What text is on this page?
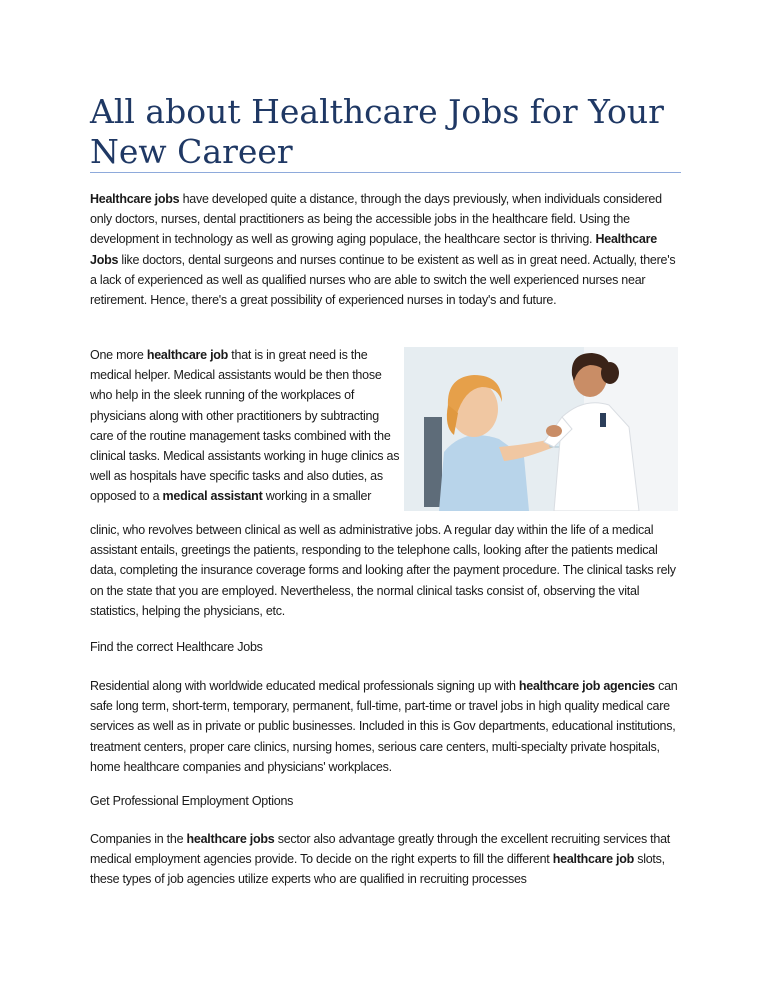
All about Healthcare Jobs for Your New Career

Healthcare jobs have developed quite a distance, through the days previously, when individuals considered only doctors, nurses, dental practitioners as being the accessible jobs in the healthcare field. Using the development in technology as well as growing aging populace, the healthcare sector is thriving. Healthcare Jobs like doctors, dental surgeons and nurses continue to be existent as well as in great need. Actually, there's a lack of experienced as well as qualified nurses who are able to switch the well experienced nurses near retirement. Hence, there's a great possibility of experienced nurses in today's and future.

One more healthcare job that is in great need is the medical helper. Medical assistants would be then those who help in the sleek running of the workplaces of physicians along with other practitioners by subtracting care of the routine management tasks combined with the clinical tasks. Medical assistants working in huge clinics as well as hospitals have specific tasks and also duties, as opposed to a medical assistant working in a smaller

clinic, who revolves between clinical as well as administrative jobs. A regular day within the life of a medical assistant entails, greetings the patients, responding to the telephone calls, looking after the patients medical data, completing the insurance coverage forms and looking after the payment procedure. The clinical tasks rely on the state that you are employed. Nevertheless, the normal clinical tasks consist of, observing the vital statistics, helping the physicians, etc.

Find the correct Healthcare Jobs

Residential along with worldwide educated medical professionals signing up with healthcare job agencies can safe long term, short-term, temporary, permanent, full-time, part-time or travel jobs in high quality medical care services as well as in private or public businesses. Included in this is Gov departments, educational institutions, treatment centers, proper care clinics, nursing homes, serious care centers, multi-specialty private hospitals, home healthcare companies and physicians' workplaces.

Get Professional Employment Options

Companies in the healthcare jobs sector also advantage greatly through the excellent recruiting services that medical employment agencies provide. To decide on the right experts to fill the different healthcare job slots, these types of job agencies utilize experts who are qualified in recruiting processes
